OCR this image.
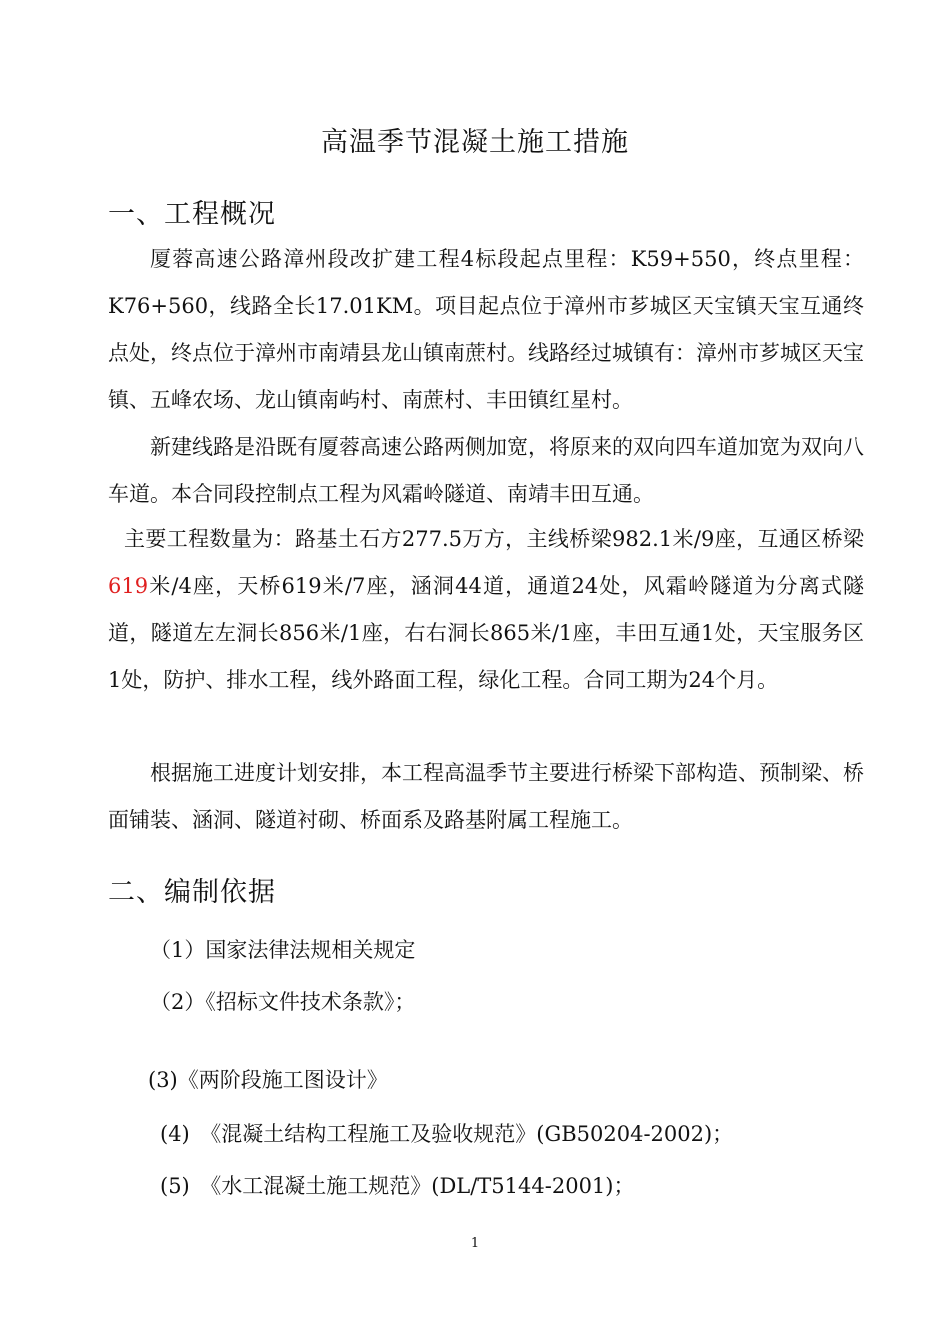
高温季节混凝土施工措施
一、工程概况
厦蓉高速公路漳州段改扩建工程4标段起点里程：K59+550，终点里程：K76+560，线路全长17.01KM。项目起点位于漳州市芗城区天宝镇天宝互通终点处，终点位于漳州市南靖县龙山镇南蔗村。线路经过城镇有：漳州市芗城区天宝镇、五峰农场、龙山镇南屿村、南蔗村、丰田镇红星村。
新建线路是沿既有厦蓉高速公路两侧加宽，将原来的双向四车道加宽为双向八车道。本合同段控制点工程为风霜岭隧道、南靖丰田互通。
主要工程数量为：路基土石方277.5万方，主线桥梁982.1米/9座，互通区桥梁619米/4座，天桥619米/7座，涵洞44道，通道24处，风霜岭隧道为分离式隧道，隧道左左洞长856米/1座，右右洞长865米/1座，丰田互通1处，天宝服务区1处，防护、排水工程，线外路面工程，绿化工程。合同工期为24个月。
根据施工进度计划安排，本工程高温季节主要进行桥梁下部构造、预制梁、桥面铺装、涵洞、隧道衬砌、桥面系及路基附属工程施工。
二、编制依据
（1）国家法律法规相关规定
（2）《招标文件技术条款》；
(3)《两阶段施工图设计》
(4)　《混凝土结构工程施工及验收规范》(GB50204-2002)；
(5)　《水工混凝土施工规范》(DL/T5144-2001)；
1
